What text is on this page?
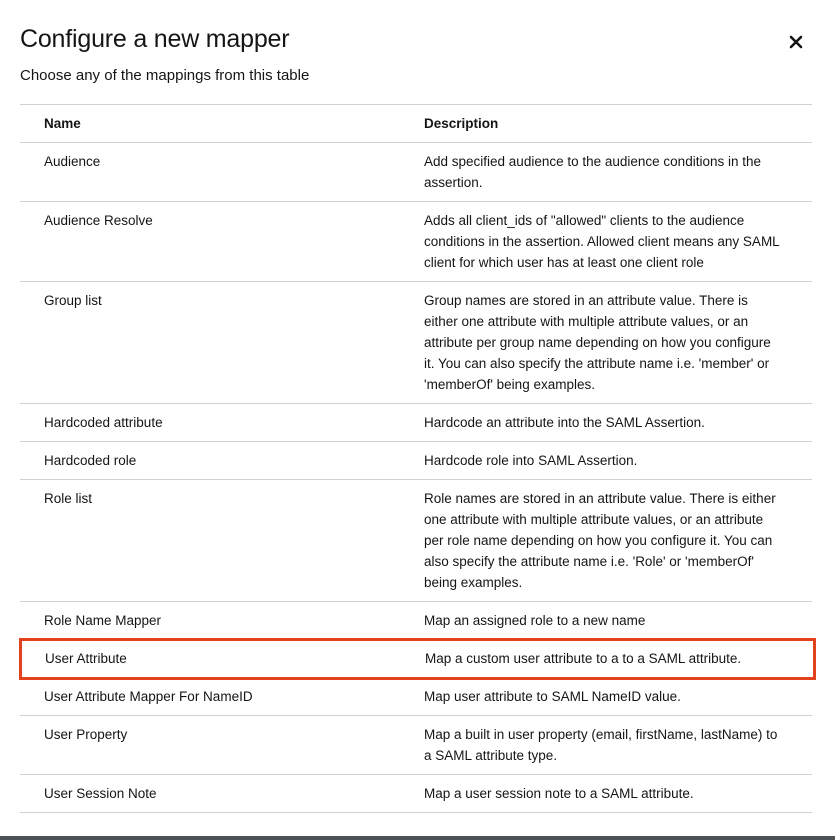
Configure a new mapper

Choose any of the mappings from this table

Name	Description
Audience	Add specified audience to the audience conditions in the assertion.
Audience Resolve	Adds all client_ids of "allowed" clients to the audience conditions in the assertion. Allowed client means any SAML client for which user has at least one client role
Group list	Group names are stored in an attribute value. There is either one attribute with multiple attribute values, or an attribute per group name depending on how you configure it. You can also specify the attribute name i.e. 'member' or 'memberOf' being examples.
Hardcoded attribute	Hardcode an attribute into the SAML Assertion.
Hardcoded role	Hardcode role into SAML Assertion.
Role list	Role names are stored in an attribute value. There is either one attribute with multiple attribute values, or an attribute per role name depending on how you configure it. You can also specify the attribute name i.e. 'Role' or 'memberOf' being examples.
Role Name Mapper	Map an assigned role to a new name
User Attribute	Map a custom user attribute to a to a SAML attribute.
User Attribute Mapper For NameID	Map user attribute to SAML NameID value.
User Property	Map a built in user property (email, firstName, lastName) to a SAML attribute type.
User Session Note	Map a user session note to a SAML attribute.
